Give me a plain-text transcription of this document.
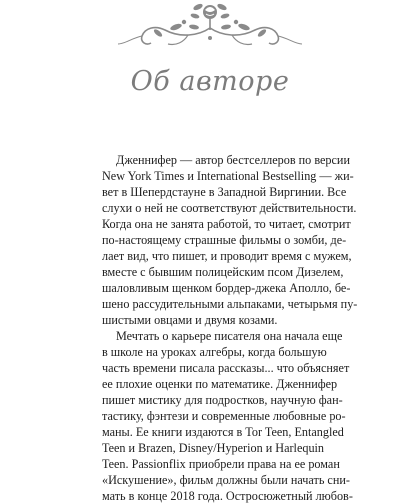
Об авторе
Дженнифер — автор бестселлеров по версии
New York Times и International Bestselling — жи-
вет в Шепердстауне в Западной Виргинии. Все
слухи о ней не соответствуют действительности.
Когда она не занята работой, то читает, смотрит
по-настоящему страшные фильмы о зомби, де-
лает вид, что пишет, и проводит время с мужем,
вместе с бывшим полицейским псом Дизелем,
шаловливым щенком бордер-джека Аполло, бе-
шено рассудительными альпаками, четырьмя пу-
шистыми овцами и двумя козами.
Мечтать о карьере писателя она начала еще
в школе на уроках алгебры, когда большую
часть времени писала рассказы... что объясняет
ее плохие оценки по математике. Дженнифер
пишет мистику для подростков, научную фан-
тастику, фэнтези и современные любовные ро-
маны. Ее книги издаются в Tor Teen, Entangled
Teen и Brazen, Disney/Hyperion и Harlequin
Teen. Passionflix приобрели права на ее роман
«Искушение», фильм должны были начать сни-
мать в конце 2018 года. Остросюжетный любов-
